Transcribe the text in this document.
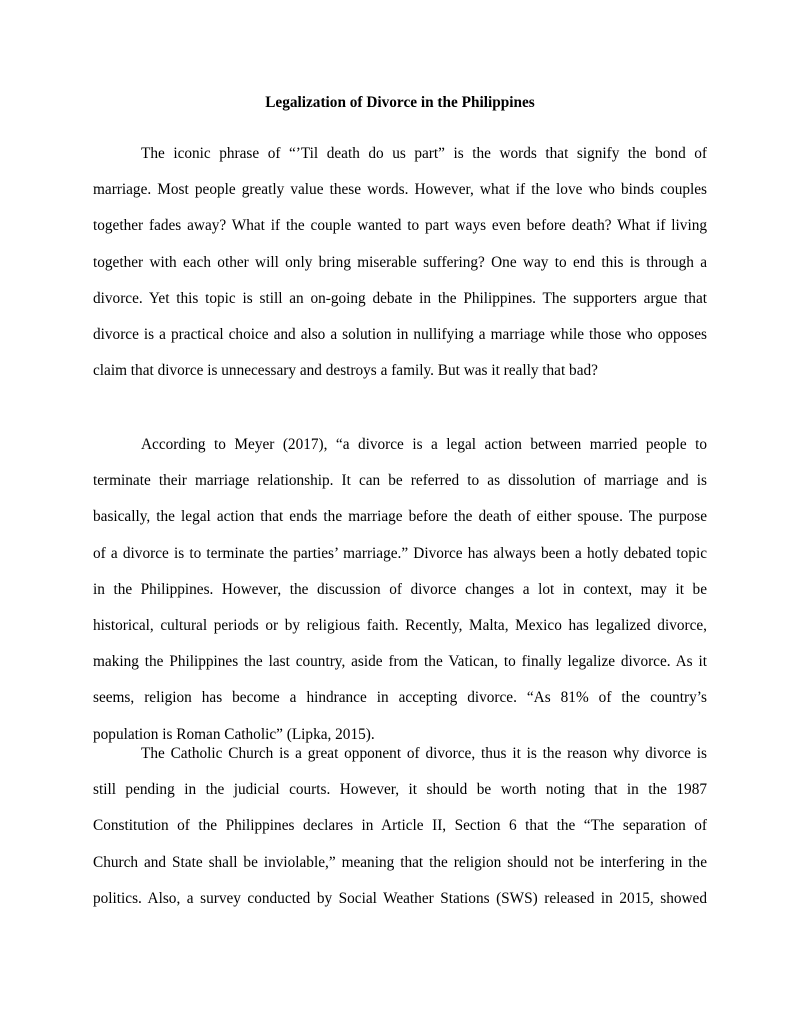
Legalization of Divorce in the Philippines

The iconic phrase of “’Til death do us part” is the words that signify the bond of
marriage. Most people greatly value these words. However, what if the love who binds couples
together fades away? What if the couple wanted to part ways even before death? What if living
together with each other will only bring miserable suffering? One way to end this is through a
divorce. Yet this topic is still an on-going debate in the Philippines. The supporters argue that
divorce is a practical choice and also a solution in nullifying a marriage while those who opposes
claim that divorce is unnecessary and destroys a family. But was it really that bad?

According to Meyer (2017), “a divorce is a legal action between married people to
terminate their marriage relationship. It can be referred to as dissolution of marriage and is
basically, the legal action that ends the marriage before the death of either spouse. The purpose
of a divorce is to terminate the parties’ marriage.” Divorce has always been a hotly debated topic
in the Philippines. However, the discussion of divorce changes a lot in context, may it be
historical, cultural periods or by religious faith. Recently, Malta, Mexico has legalized divorce,
making the Philippines the last country, aside from the Vatican, to finally legalize divorce. As it
seems, religion has become a hindrance in accepting divorce. “As 81% of the country’s
population is Roman Catholic” (Lipka, 2015).

The Catholic Church is a great opponent of divorce, thus it is the reason why divorce is
still pending in the judicial courts. However, it should be worth noting that in the 1987
Constitution of the Philippines declares in Article II, Section 6 that the “The separation of
Church and State shall be inviolable,” meaning that the religion should not be interfering in the
politics. Also, a survey conducted by Social Weather Stations (SWS) released in 2015, showed
